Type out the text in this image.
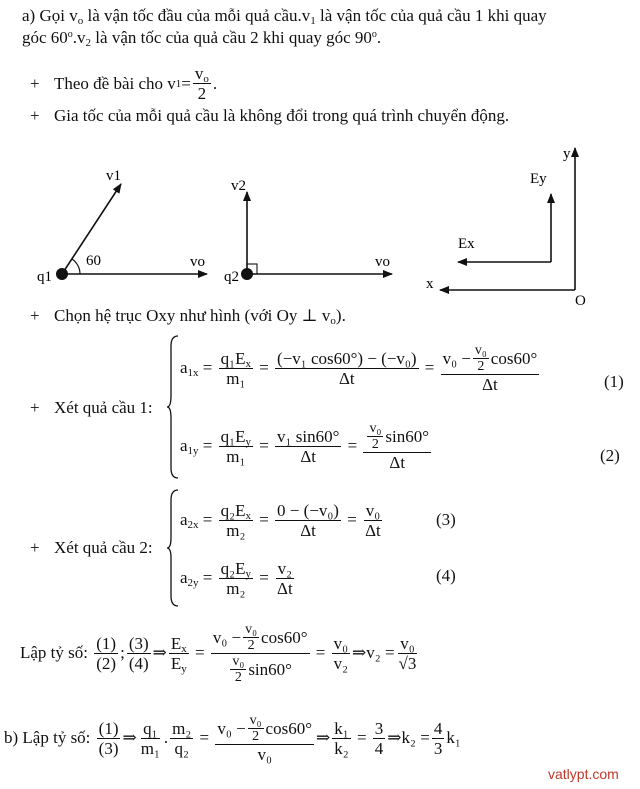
a) Gọi $v_o$ là vận tốc đầu của mỗi quả $cầu.v_1$ là vận tốc của quả cầu 1 khi quay
góc $60^o.v_2$ là vận tốc của quả cầu 2 khi quay góc $90^o$.
+ Theo đề bài cho v $1 = \frac{v_o}{2}$ .
+ Gia tốc của mỗi quả cầu là không đổi trong quá trình chuyển động.
v1
60
q1
vo
v2
q2
vo
y
x
O
Ey
Ex
+ Chọn hệ trục Oxy như hình (với Oy ⊥ $v_o$).
+ Xét quả cầu 1:
$a_{1x} = \frac{q_1E_x}{\text{m₁}} = \frac{\text{(−v₁ cos60°) − (−v₀)}}{\Delta t} = \frac{v_0 - \frac{\text{v₀}}{2} \cos 60^\circ}{\Delta t}$	(1)
$a_{1y} = \frac{q_1E_y}{\text{m₁}} = \frac{\text{v₁ sin60°}}{\Delta t} = \frac{\frac{\text{v₀}}{2} \sin 60^\circ}{\Delta t}$	(2)
+ Xét quả cầu 2:
$a_{2x} = \frac{q_2E_x}{\text{m₂}} = \frac{\text{0 − (−v₀)}}{\Delta t} = \frac{\text{v₀}}{\Delta t}$	(3)
$a_{2y} = \frac{q_2E_y}{\text{m₂}} = \frac{\text{v₂}}{\Delta t}$	(4)
Lập tỷ số:
$\frac{(1)}{(2)}$ ; $\frac{(3)}{(4)}$ ⇒ $\frac{E_x}{E_y} = \frac{v_0 - \frac{\text{v₀}}{2} \cos 60^\circ}{\frac{\text{v₀}}{2} \sin 60^\circ} = \frac{\text{v₀}}{\text{v₂}}$ ⇒ $v_2 = \frac{\text{v₀}}{√3}$
b) Lập tỷ số:
$\frac{(1)}{(3)}$ ⇒ $\frac{\text{q₁}}{\text{m₁}}$ . $\frac{\text{m₂}}{\text{q₂}} = \frac{v_0 - \frac{\text{v₀}}{2} \cos 60^\circ}{\text{v₀}}$ ⇒ $\frac{\text{k₁}}{\text{k₂}} = \frac{3}{4}$ ⇒ $k_2 = \frac{4}{3} k_1$
vatlypt.com
